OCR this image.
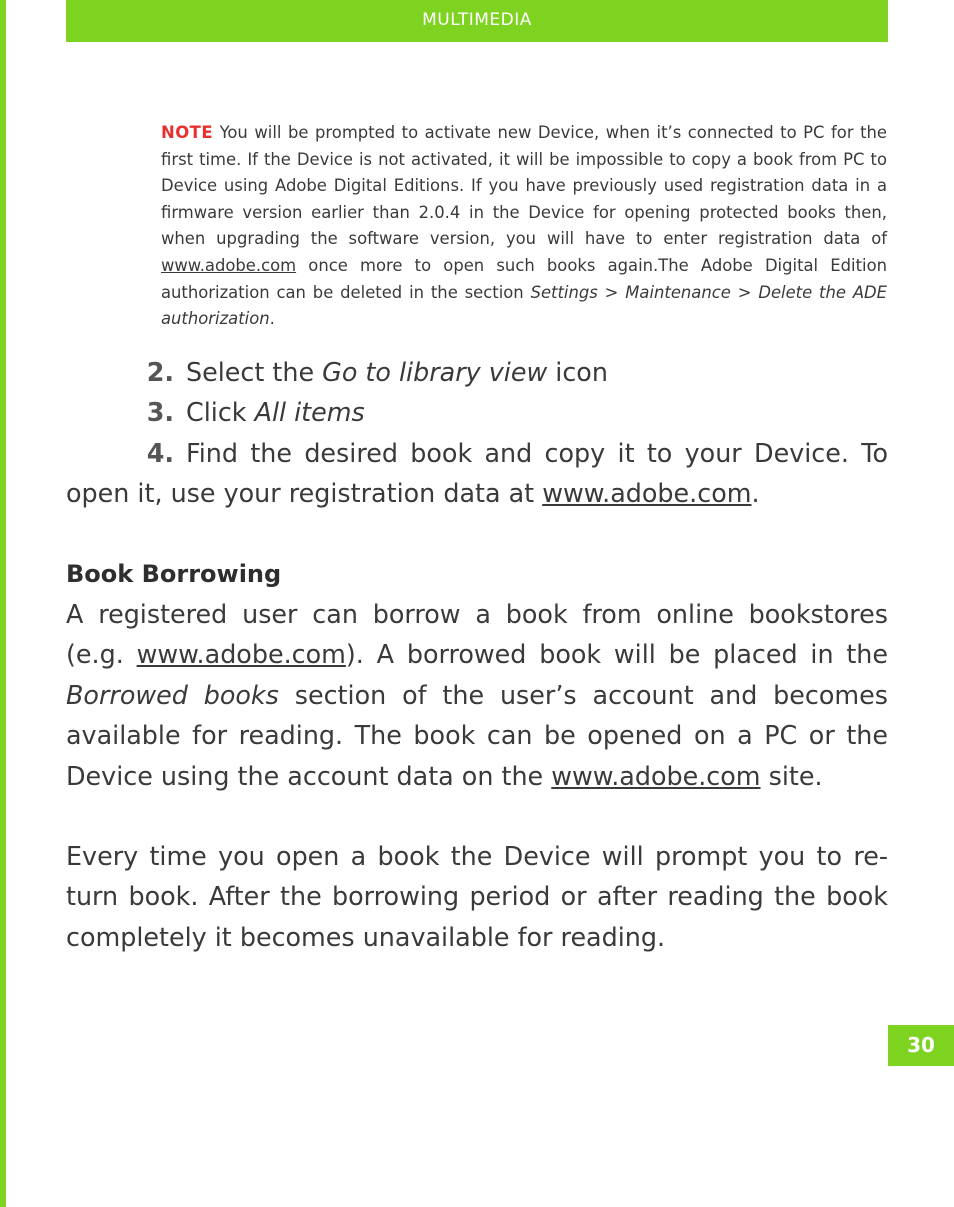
MULTIMEDIA
NOTE You will be prompted to activate new Device, when it’s connected to PC for the first time. If the Device is not activated, it will be impossible to copy a book from PC to Device using Adobe Digital Editions. If you have previously used registration data in a firmware version earlier than 2.0.4 in the Device for opening protected books then, when upgrading the software version, you will have to enter registration data of www.adobe.com once more to open such books again.The Adobe Digital Edition authorization can be deleted in the section Settings > Maintenance > Delete the ADE authorization.

2. Select the Go to library view icon

3. Click All items

4. Find the desired book and copy it to your Device. To open it, use your registration data at www.adobe.com.

Book Borrowing

A registered user can borrow a book from online bookstores (e.g. www.adobe.com). A borrowed book will be placed in the Borrowed books section of the user’s account and becomes available for reading. The book can be opened on a PC or the Device using the account data on the www.adobe.com site.

Every time you open a book the Device will prompt you to re-turn book. After the borrowing period or after reading the book completely it becomes unavailable for reading.

30
